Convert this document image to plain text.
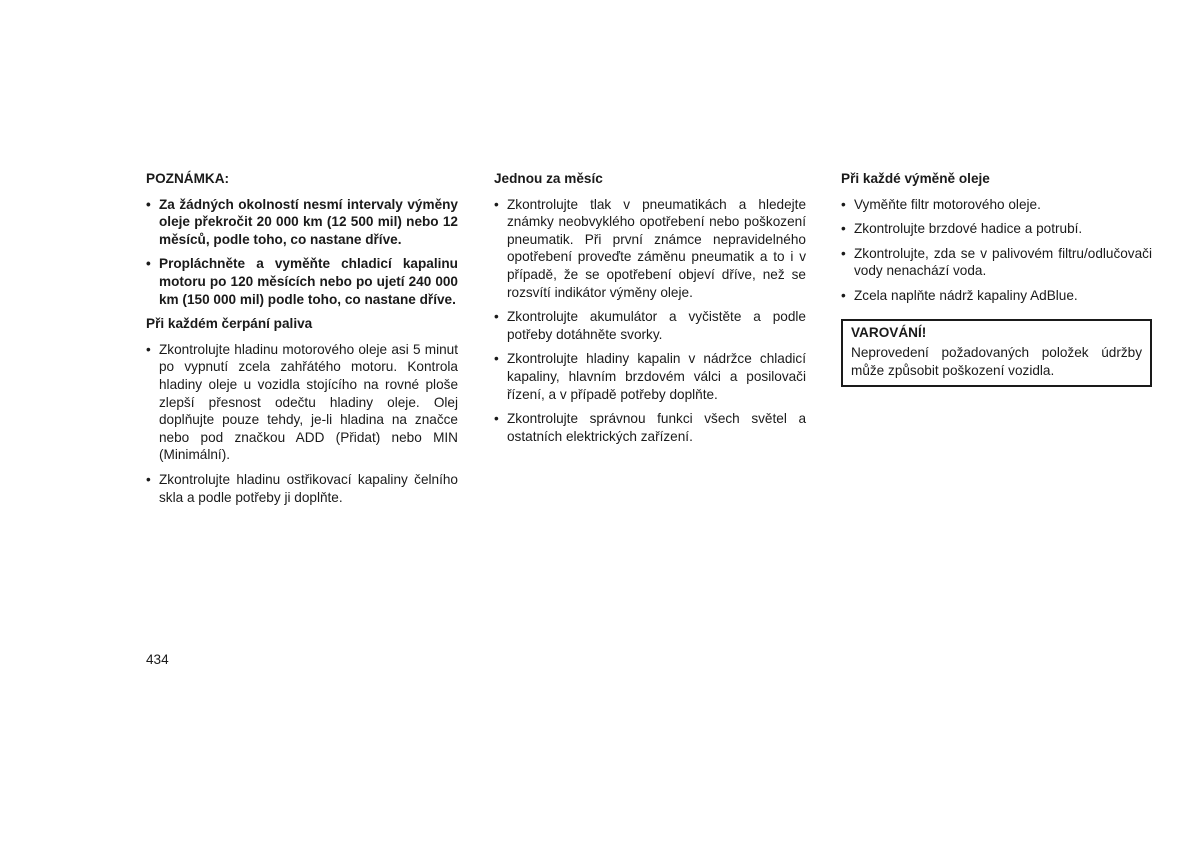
POZNÁMKA:
• Za žádných okolností nesmí intervaly výměny oleje překročit 20 000 km (12 500 mil) nebo 12 měsíců, podle toho, co nastane dříve.
• Propláchněte a vyměňte chladicí kapalinu motoru po 120 měsících nebo po ujetí 240 000 km (150 000 mil) podle toho, co nastane dříve.
Při každém čerpání paliva
• Zkontrolujte hladinu motorového oleje asi 5 minut po vypnutí zcela zahřátého motoru. Kontrola hladiny oleje u vozidla stojícího na rovné ploše zlepší přesnost odečtu hladiny oleje. Olej doplňujte pouze tehdy, je-li hladina na značce nebo pod značkou ADD (Přidat) nebo MIN (Minimální).
• Zkontrolujte hladinu ostřikovací kapaliny čelního skla a podle potřeby ji doplňte.
Jednou za měsíc
• Zkontrolujte tlak v pneumatikách a hledejte známky neobvyklého opotřebení nebo poškození pneumatik. Při první známce nepravidelného opotřebení proveďte záměnu pneumatik a to i v případě, že se opotřebení objeví dříve, než se rozsvítí indikátor výměny oleje.
• Zkontrolujte akumulátor a vyčistěte a podle potřeby dotáhněte svorky.
• Zkontrolujte hladiny kapalin v nádržce chladicí kapaliny, hlavním brzdovém válci a posilovači řízení, a v případě potřeby doplňte.
• Zkontrolujte správnou funkci všech světel a ostatních elektrických zařízení.
Při každé výměně oleje
• Vyměňte filtr motorového oleje.
• Zkontrolujte brzdové hadice a potrubí.
• Zkontrolujte, zda se v palivovém filtru/odlučovači vody nenachází voda.
• Zcela naplňte nádrž kapaliny AdBlue.
VAROVÁNÍ!
Neprovedení požadovaných položek údržby může způsobit poškození vozidla.
434
